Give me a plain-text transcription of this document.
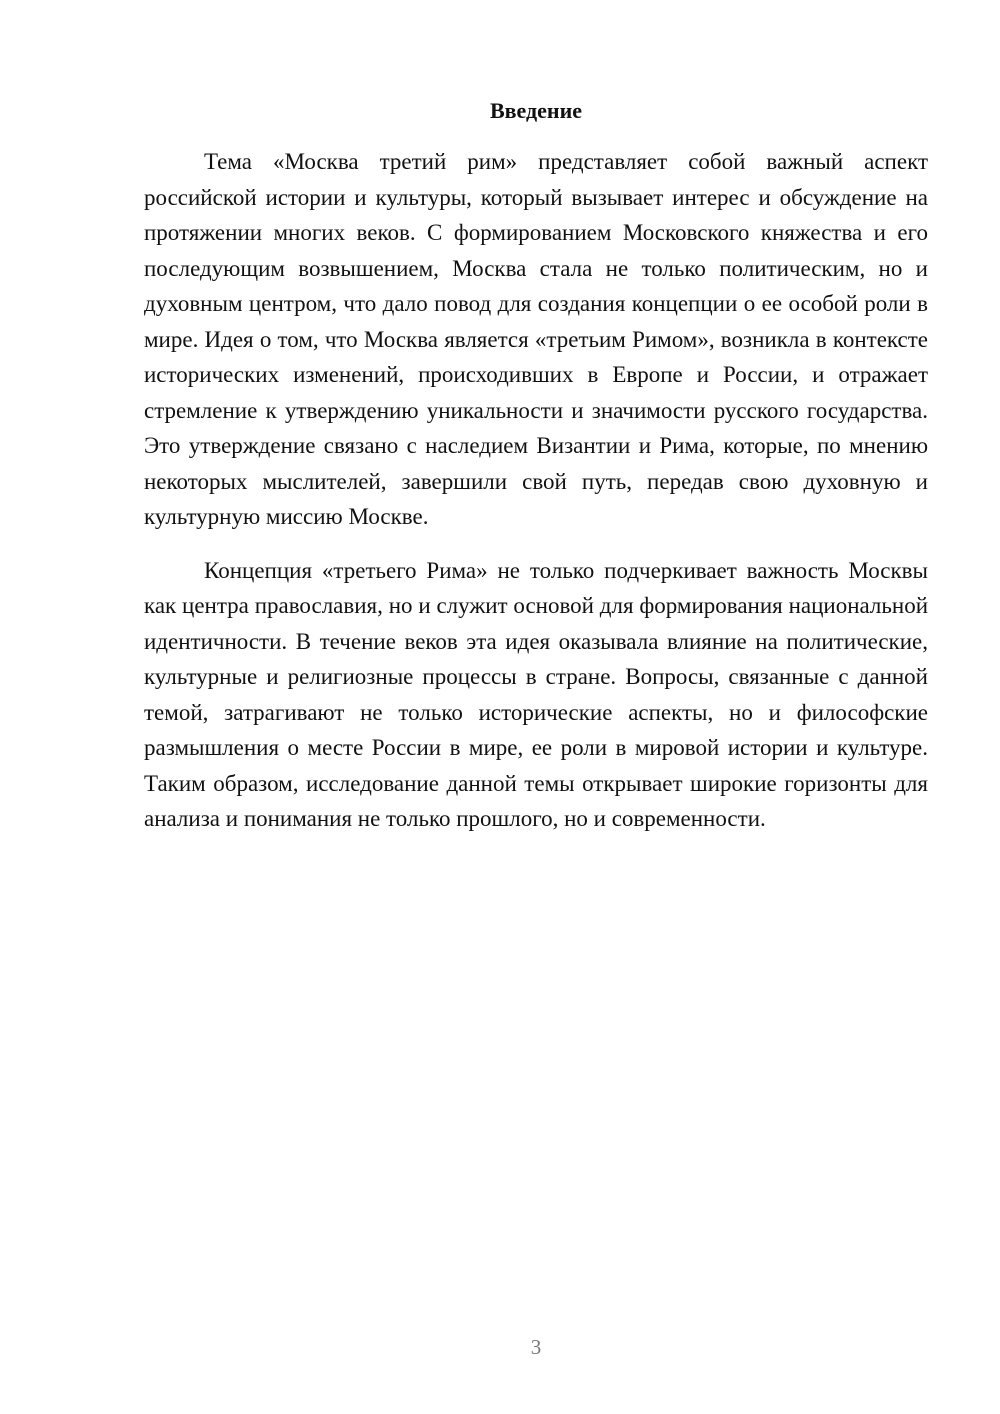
Введение

Тема «Москва третий рим» представляет собой важный аспект российской истории и культуры, который вызывает интерес и обсуждение на протяжении многих веков. С формированием Московского княжества и его последующим возвышением, Москва стала не только политическим, но и духовным центром, что дало повод для создания концепции о ее особой роли в мире. Идея о том, что Москва является «третьим Римом», возникла в контексте исторических изменений, происходивших в Европе и России, и отражает стремление к утверждению уникальности и значимости русского государства. Это утверждение связано с наследием Византии и Рима, которые, по мнению некоторых мыслителей, завершили свой путь, передав свою духовную и культурную миссию Москве.

Концепция «третьего Рима» не только подчеркивает важность Москвы как центра православия, но и служит основой для формирования национальной идентичности. В течение веков эта идея оказывала влияние на политические, культурные и религиозные процессы в стране. Вопросы, связанные с данной темой, затрагивают не только исторические аспекты, но и философские размышления о месте России в мире, ее роли в мировой истории и культуре. Таким образом, исследование данной темы открывает широкие горизонты для анализа и понимания не только прошлого, но и современности.

3
